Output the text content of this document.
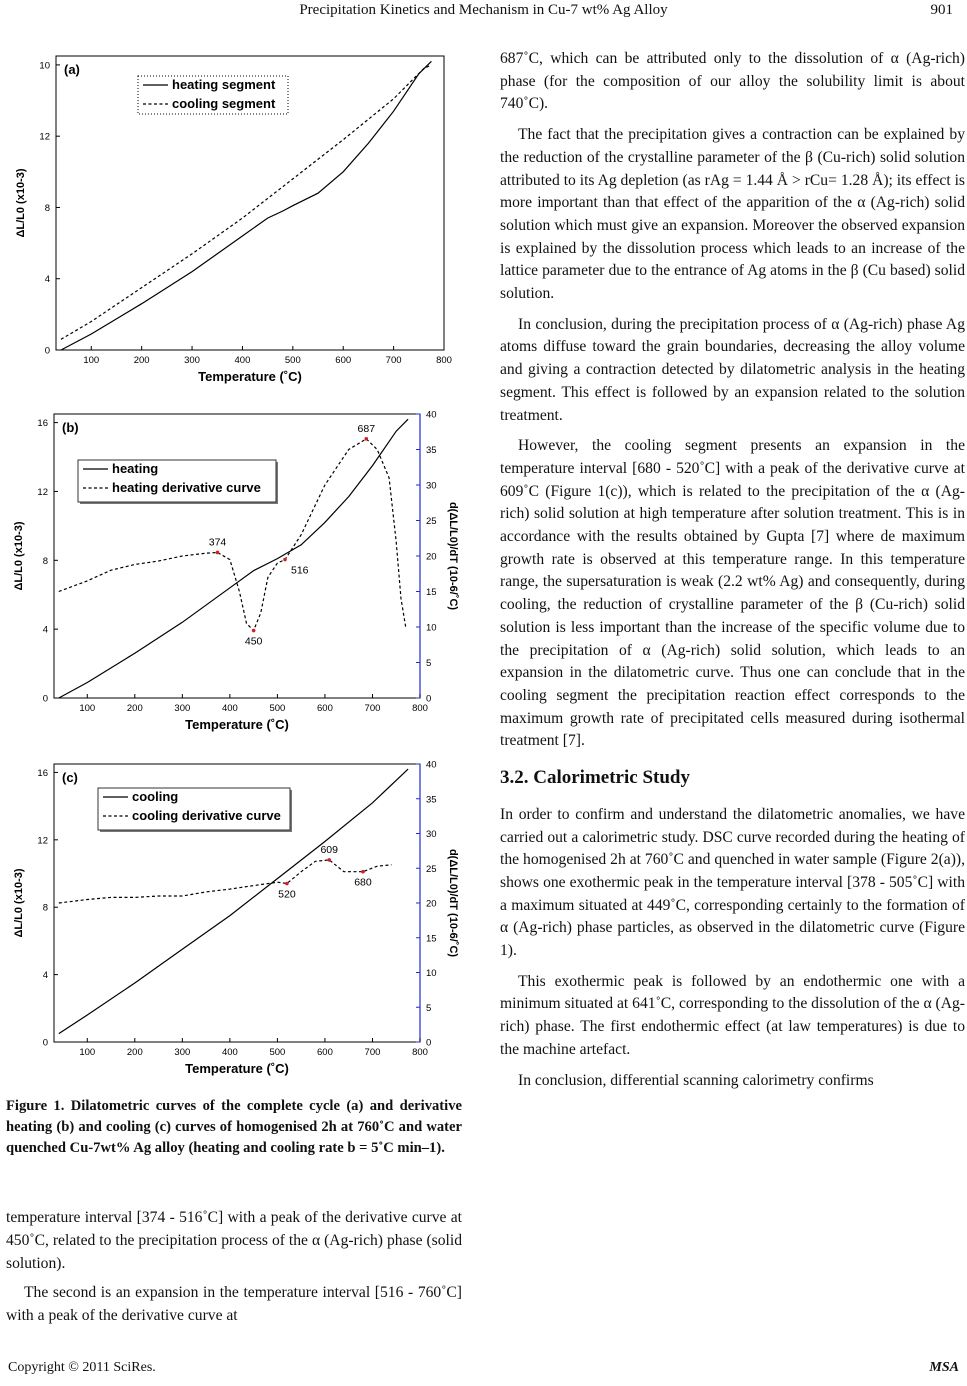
Precipitation Kinetics and Mechanism in Cu-7 wt% Ag Alloy	901
100	200	300	400	500	600	700	800
0
4
8
12
10
Temperature (˚C)
ΔL/L0 (x10-3)
(a)
heating segment
cooling segment
100	200	300	400	500	600	700	800
0
4
8
12
16
0
5
10
15
20
25
30
35
40
Temperature (˚C)
ΔL/L0 (x10-3)	d(ΔL/L0)/dT (10-6/˚C)
(b)
374
450
516
687
heating
heating derivative curve
100	200	300	400	500	600	700	800
0
4
8
12
16
0
5
10
15
20
25
30
35
40
Temperature (˚C)
ΔL/L0 (x10-3)	d(ΔL/L0)/dT (10-6/˚C)
(c)
520
609
680
cooling
cooling derivative curve
Figure 1. Dilatometric curves of the complete cycle (a) and derivative heating (b) and cooling (c) curves of homogenised 2h at 760˚C and water quenched Cu-7wt% Ag alloy (heating and cooling rate b = 5˚C min–1).

temperature interval [374 - 516˚C] with a peak of the derivative curve at 450˚C, related to the precipitation process of the α (Ag-rich) phase (solid solution).

The second is an expansion in the temperature interval [516 - 760˚C] with a peak of the derivative curve at

687˚C, which can be attributed only to the dissolution of α (Ag-rich) phase (for the composition of our alloy the solubility limit is about 740˚C).

The fact that the precipitation gives a contraction can be explained by the reduction of the crystalline parameter of the β (Cu-rich) solid solution attributed to its Ag depletion (as rAg = 1.44 Å > rCu= 1.28 Å); its effect is more important than that effect of the apparition of the α (Ag-rich) solid solution which must give an expansion. Moreover the observed expansion is explained by the dissolution process which leads to an increase of the lattice parameter due to the entrance of Ag atoms in the β (Cu based) solid solution.

In conclusion, during the precipitation process of α (Ag-rich) phase Ag atoms diffuse toward the grain boundaries, decreasing the alloy volume and giving a contraction detected by dilatometric analysis in the heating segment. This effect is followed by an expansion related to the solution treatment.

However, the cooling segment presents an expansion in the temperature interval [680 - 520˚C] with a peak of the derivative curve at 609˚C (Figure 1(c)), which is related to the precipitation of the α (Ag-rich) solid solution at high temperature after solution treatment. This is in accordance with the results obtained by Gupta [7] where de maximum growth rate is observed at this temperature range. In this temperature range, the supersaturation is weak (2.2 wt% Ag) and consequently, during cooling, the reduction of crystalline parameter of the β (Cu-rich) solid solution is less important than the increase of the specific volume due to the precipitation of α (Ag-rich) solid solution, which leads to an expansion in the dilatometric curve. Thus one can conclude that in the cooling segment the precipitation reaction effect corresponds to the maximum growth rate of precipitated cells measured during isothermal treatment [7].

3.2. Calorimetric Study

In order to confirm and understand the dilatometric anomalies, we have carried out a calorimetric study. DSC curve recorded during the heating of the homogenised 2h at 760˚C and quenched in water sample (Figure 2(a)), shows one exothermic peak in the temperature interval [378 - 505˚C] with a maximum situated at 449˚C, corresponding certainly to the formation of α (Ag-rich) phase particles, as observed in the dilatometric curve (Figure 1).

This exothermic peak is followed by an endothermic one with a minimum situated at 641˚C, corresponding to the dissolution of the α (Ag-rich) phase. The first endothermic effect (at law temperatures) is due to the machine artefact.

In conclusion, differential scanning calorimetry confirms

Copyright © 2011 SciRes.	MSA
